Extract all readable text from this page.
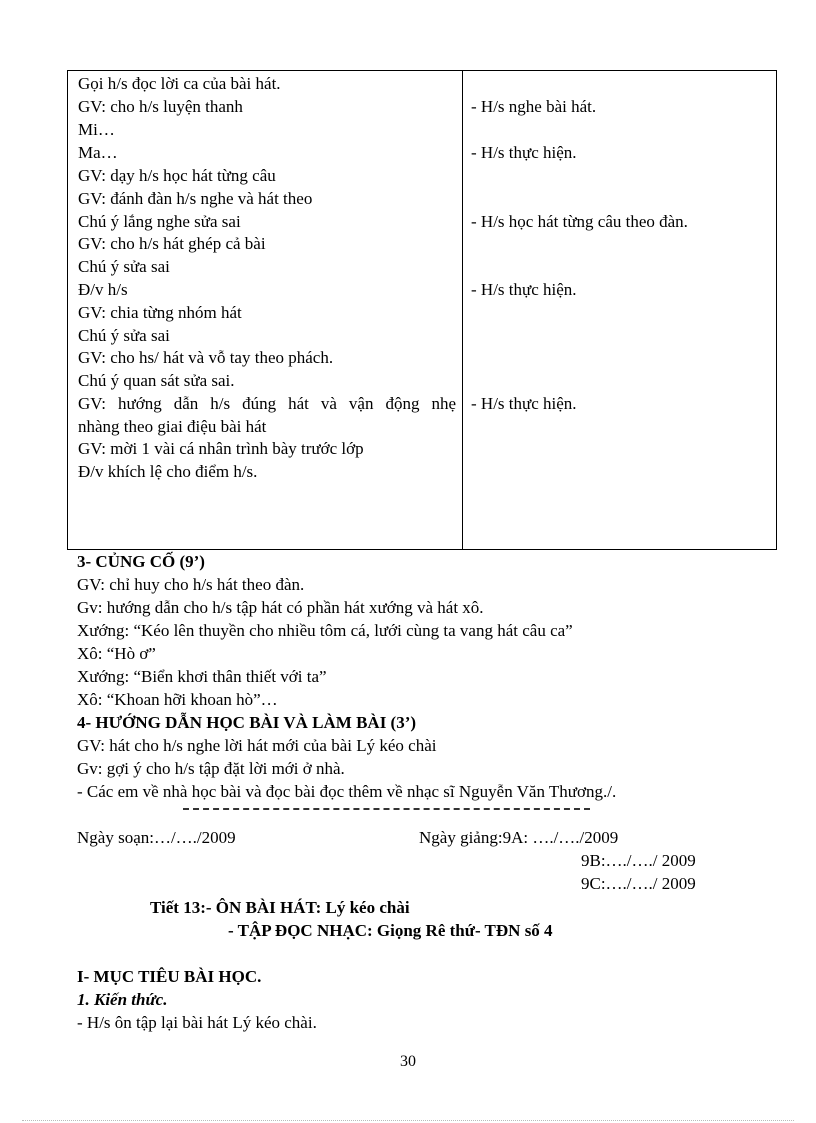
Gọi h/s đọc lời ca của bài hát.
GV: cho h/s luyện thanh
Mi…
Ma…
GV: dạy h/s học hát từng câu
GV: đánh đàn h/s nghe và hát theo
Chú ý lắng nghe sửa sai
GV: cho h/s hát ghép cả bài
Chú ý sửa sai
Đ/v h/s
GV: chia từng nhóm hát
Chú ý sửa sai
GV: cho hs/ hát và vỗ tay theo phách.
Chú ý quan sát sửa sai.
GV: hướng dẫn h/s đúng hát và vận động nhẹ
nhàng theo giai điệu bài hát
GV: mời 1 vài cá nhân trình bày trước lớp
Đ/v khích lệ cho điểm h/s.
- H/s nghe bài hát.
- H/s thực hiện.
- H/s học hát từng câu theo đàn.
- H/s thực hiện.
- H/s thực hiện.
3- CỦNG CỐ (9’)
GV: chỉ huy cho h/s hát theo đàn.
Gv: hướng dẫn cho h/s tập hát có phần hát xướng và hát xô.
Xướng: “Kéo lên thuyền cho nhiều tôm cá, lưới cùng ta vang hát câu ca”
Xô: “Hò ơ”
Xướng: “Biển khơi thân thiết với ta”
Xô: “Khoan hỡi khoan hò”…
4- HƯỚNG DẪN HỌC BÀI VÀ LÀM BÀI (3’)
GV: hát cho h/s nghe lời hát mới của bài Lý kéo chài
Gv: gợi ý cho h/s tập đặt lời mới ở nhà.
- Các em về nhà học bài và đọc bài đọc thêm về nhạc sĩ Nguyễn Văn Thương./.
Ngày soạn:…/…./2009	Ngày giảng:9A: …./…./2009
9B:…./…./ 2009
9C:…./…./ 2009
Tiết 13:- ÔN BÀI HÁT: Lý kéo chài
- TẬP ĐỌC NHẠC: Giọng Rê thứ- TĐN số 4
I- MỤC TIÊU BÀI HỌC.
1. Kiến thức.
- H/s ôn tập lại bài hát Lý kéo chài.
30
